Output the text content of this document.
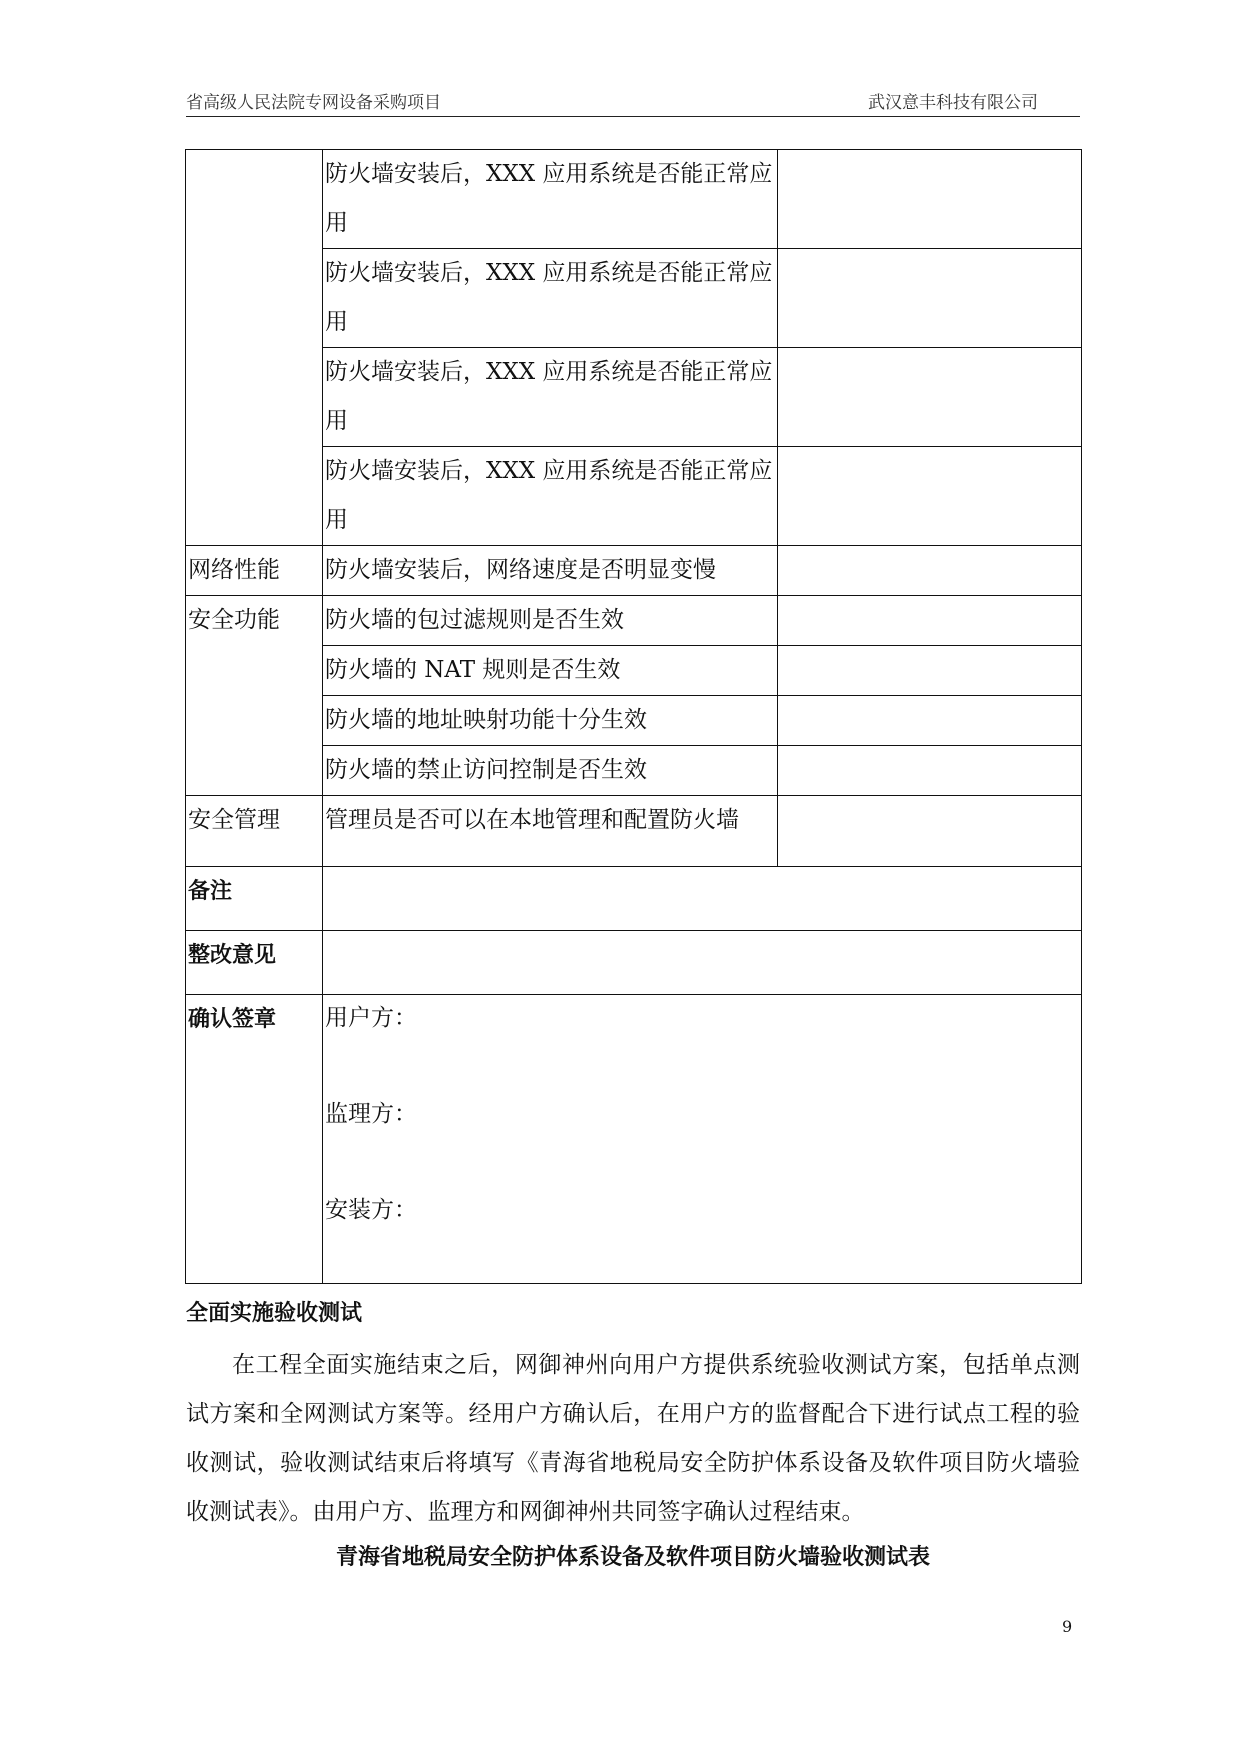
省高级人民法院专网设备采购项目	武汉意丰科技有限公司
	防火墙安装后，XXX 应用系统是否能正常应用	
	防火墙安装后，XXX 应用系统是否能正常应用	
	防火墙安装后，XXX 应用系统是否能正常应用	
	防火墙安装后，XXX 应用系统是否能正常应用	
网络性能	防火墙安装后，网络速度是否明显变慢	
安全功能	防火墙的包过滤规则是否生效	
	防火墙的 NAT 规则是否生效	
	防火墙的地址映射功能十分生效	
	防火墙的禁止访问控制是否生效	
安全管理	管理员是否可以在本地管理和配置防火墙	
备注		
整改意见		
确认签章	用户方：
监理方：
安装方：	
全面实施验收测试

在工程全面实施结束之后，网御神州向用户方提供系统验收测试方案，包括单点测试方案和全网测试方案等。经用户方确认后，在用户方的监督配合下进行试点工程的验收测试，验收测试结束后将填写《青海省地税局安全防护体系设备及软件项目防火墙验收测试表》。由用户方、监理方和网御神州共同签字确认过程结束。

青海省地税局安全防护体系设备及软件项目防火墙验收测试表
9
